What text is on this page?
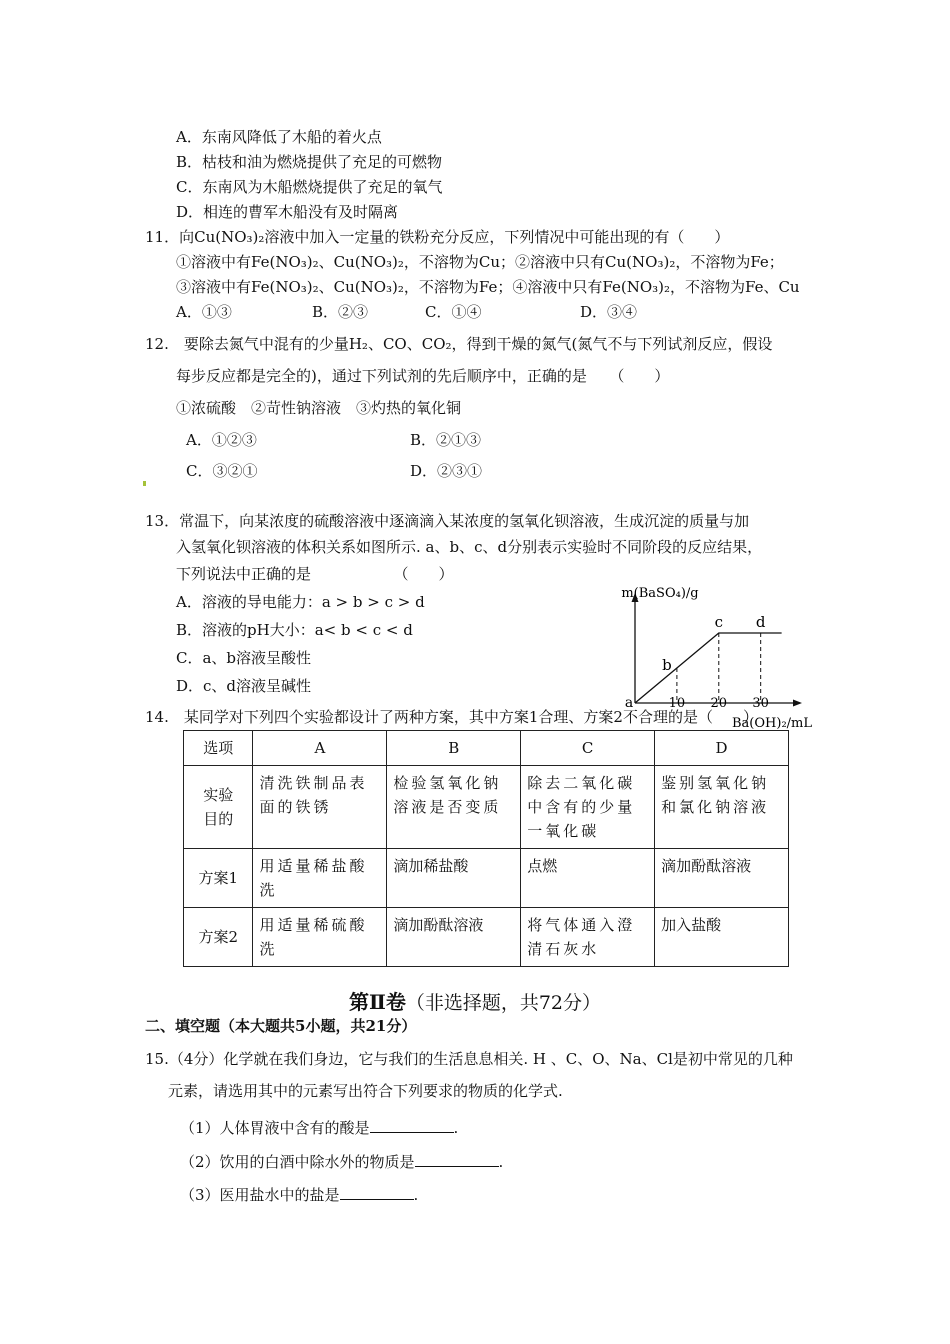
A．东南风降低了木船的着火点
B．枯枝和油为燃烧提供了充足的可燃物
C．东南风为木船燃烧提供了充足的氧气
D．相连的曹军木船没有及时隔离
11．向Cu(NO₃)₂溶液中加入一定量的铁粉充分反应，下列情况中可能出现的有（　　）
①溶液中有Fe(NO₃)₂、Cu(NO₃)₂，不溶物为Cu；②溶液中只有Cu(NO₃)₂，不溶物为Fe；
③溶液中有Fe(NO₃)₂、Cu(NO₃)₂，不溶物为Fe；④溶液中只有Fe(NO₃)₂，不溶物为Fe、Cu
A．①③	B．②③	C．①④	D．③④
12.　要除去氮气中混有的少量H₂、CO、CO₂，得到干燥的氮气(氮气不与下列试剂反应，假设
每步反应都是完全的)，通过下列试剂的先后顺序中，正确的是　　（　　）
①浓硫酸　②苛性钠溶液　③灼热的氧化铜
A．①②③	B．②①③
C．③②①	D．②③①
13．常温下，向某浓度的硫酸溶液中逐滴滴入某浓度的氢氧化钡溶液，生成沉淀的质量与加
入氢氧化钡溶液的体积关系如图所示. a、b、c、d分别表示实验时不同阶段的反应结果，
下列说法中正确的是　　　　　　（　　）
A．溶液的导电能力：a > b > c > d
B．溶液的pH大小：a< b < c < d
C．a、b溶液呈酸性
D．c、d溶液呈碱性
10 20 30
a
b
c d
m(BaSO₄)/g
Ba(OH)₂/mL
14.　某同学对下列四个实验都设计了两种方案，其中方案1合理、方案2不合理的是（　　）
选项	A	B	C	D
实验目的	清洗铁制品表面的铁锈	检验氢氧化钠溶液是否变质	除去二氧化碳中含有的少量一氧化碳	鉴别氢氧化钠和氯化钠溶液
方案1	用适量稀盐酸洗	滴加稀盐酸	点燃	滴加酚酞溶液
方案2	用适量稀硫酸洗	滴加酚酞溶液	将气体通入澄清石灰水	加入盐酸
第Ⅱ卷（非选择题，共72分）
二、填空题（本大题共5小题，共21分）
15.（4分）化学就在我们身边，它与我们的生活息息相关. H 、C、O、Na、Cl是初中常见的几种
元素，请选用其中的元素写出符合下列要求的物质的化学式.
（1）人体胃液中含有的酸是	.
（2）饮用的白酒中除水外的物质是	.
（3）医用盐水中的盐是	.
